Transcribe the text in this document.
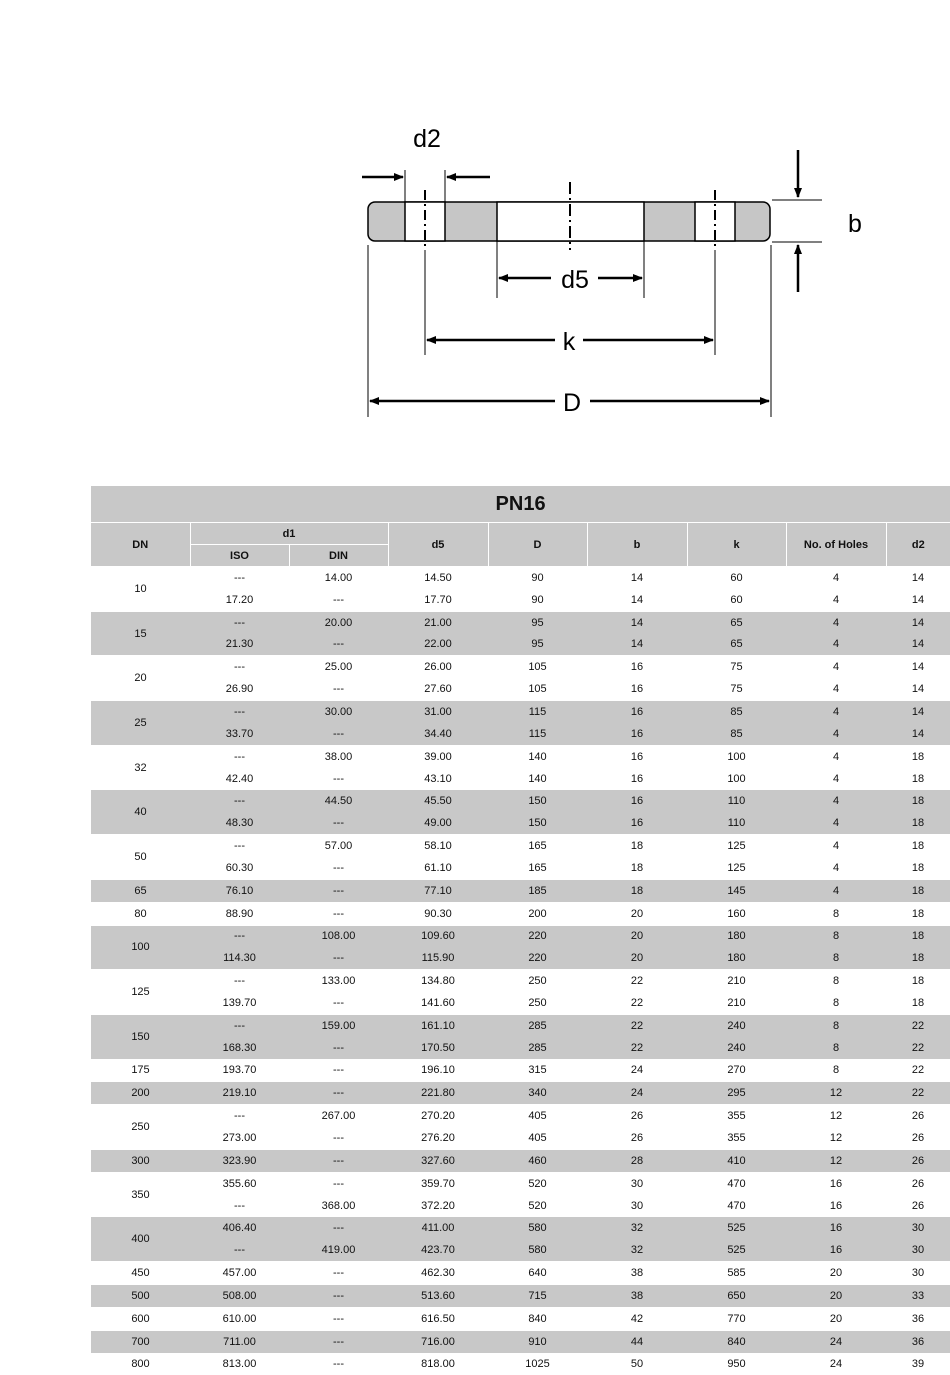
d2
b
d5
k
D
PN16								
DN	d1		d5	D	b	k	No. of Holes	d2
	ISO	DIN						
10	---	14.00	14.50	90	14	60	4	14
	17.20	---	17.70	90	14	60	4	14
15	---	20.00	21.00	95	14	65	4	14
	21.30	---	22.00	95	14	65	4	14
20	---	25.00	26.00	105	16	75	4	14
	26.90	---	27.60	105	16	75	4	14
25	---	30.00	31.00	115	16	85	4	14
	33.70	---	34.40	115	16	85	4	14
32	---	38.00	39.00	140	16	100	4	18
	42.40	---	43.10	140	16	100	4	18
40	---	44.50	45.50	150	16	110	4	18
	48.30	---	49.00	150	16	110	4	18
50	---	57.00	58.10	165	18	125	4	18
	60.30	---	61.10	165	18	125	4	18
65	76.10	---	77.10	185	18	145	4	18
80	88.90	---	90.30	200	20	160	8	18
100	---	108.00	109.60	220	20	180	8	18
	114.30	---	115.90	220	20	180	8	18
125	---	133.00	134.80	250	22	210	8	18
	139.70	---	141.60	250	22	210	8	18
150	---	159.00	161.10	285	22	240	8	22
	168.30	---	170.50	285	22	240	8	22
175	193.70	---	196.10	315	24	270	8	22
200	219.10	---	221.80	340	24	295	12	22
250	---	267.00	270.20	405	26	355	12	26
	273.00	---	276.20	405	26	355	12	26
300	323.90	---	327.60	460	28	410	12	26
350	355.60	---	359.70	520	30	470	16	26
	---	368.00	372.20	520	30	470	16	26
400	406.40	---	411.00	580	32	525	16	30
	---	419.00	423.70	580	32	525	16	30
450	457.00	---	462.30	640	38	585	20	30
500	508.00	---	513.60	715	38	650	20	33
600	610.00	---	616.50	840	42	770	20	36
700	711.00	---	716.00	910	44	840	24	36
800	813.00	---	818.00	1025	50	950	24	39
